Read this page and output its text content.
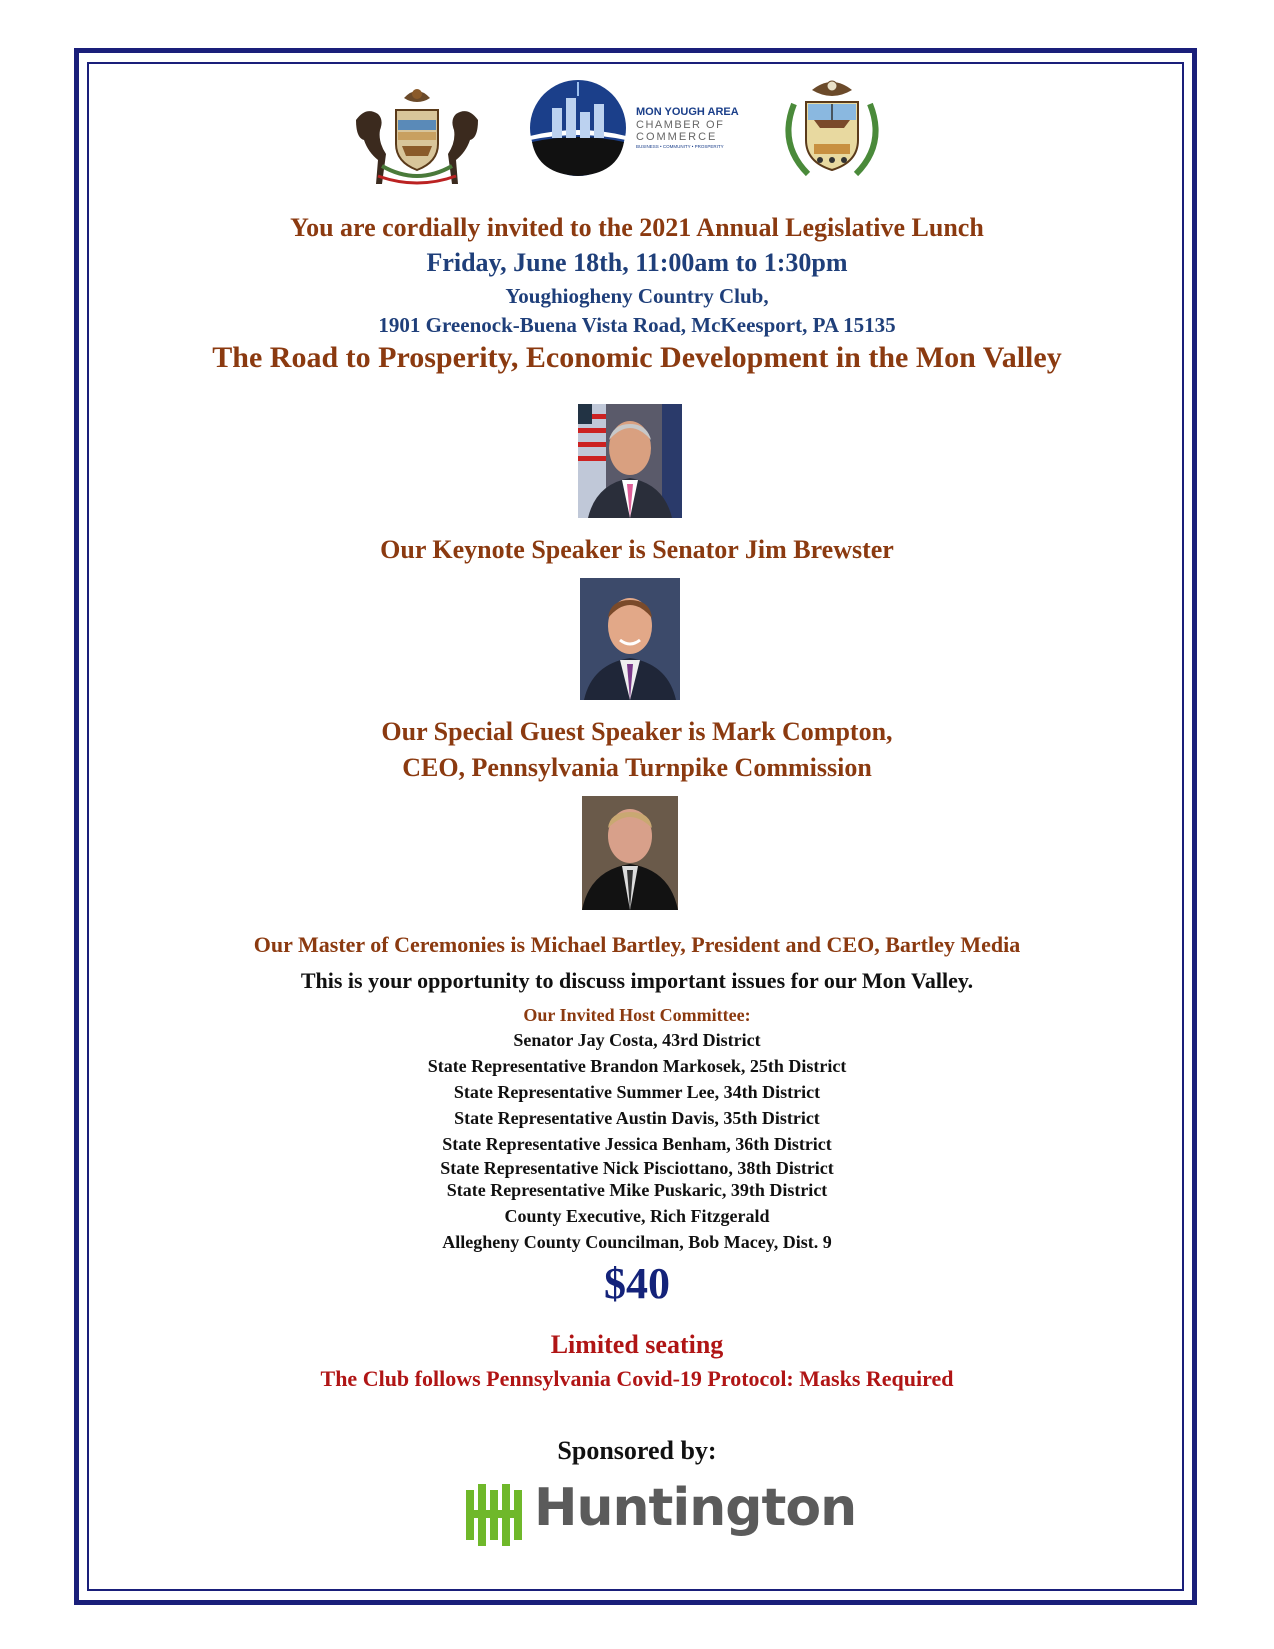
MON YOUGH AREA
CHAMBER OF
COMMERCE
BUSINESS • COMMUNITY • PROSPERITY
You are cordially invited to the 2021 Annual Legislative Lunch
Friday, June 18th, 11:00am to 1:30pm
Youghiogheny Country Club,
1901 Greenock-Buena Vista Road, McKeesport, PA 15135
The Road to Prosperity, Economic Development in the Mon Valley
Our Keynote Speaker is Senator Jim Brewster
Our Special Guest Speaker is Mark Compton,
CEO, Pennsylvania Turnpike Commission
Our Master of Ceremonies is Michael Bartley, President and CEO, Bartley Media
This is your opportunity to discuss important issues for our Mon Valley.
Our Invited Host Committee:
Senator Jay Costa, 43rd District
State Representative Brandon Markosek, 25th District
State Representative Summer Lee, 34th District
State Representative Austin Davis, 35th District
State Representative Jessica Benham, 36th District
State Representative Nick Pisciottano, 38th District
State Representative Mike Puskaric, 39th District
County Executive, Rich Fitzgerald
Allegheny County Councilman, Bob Macey, Dist. 9
$40
Limited seating
The Club follows Pennsylvania Covid-19 Protocol: Masks Required
Sponsored by:
Huntington
